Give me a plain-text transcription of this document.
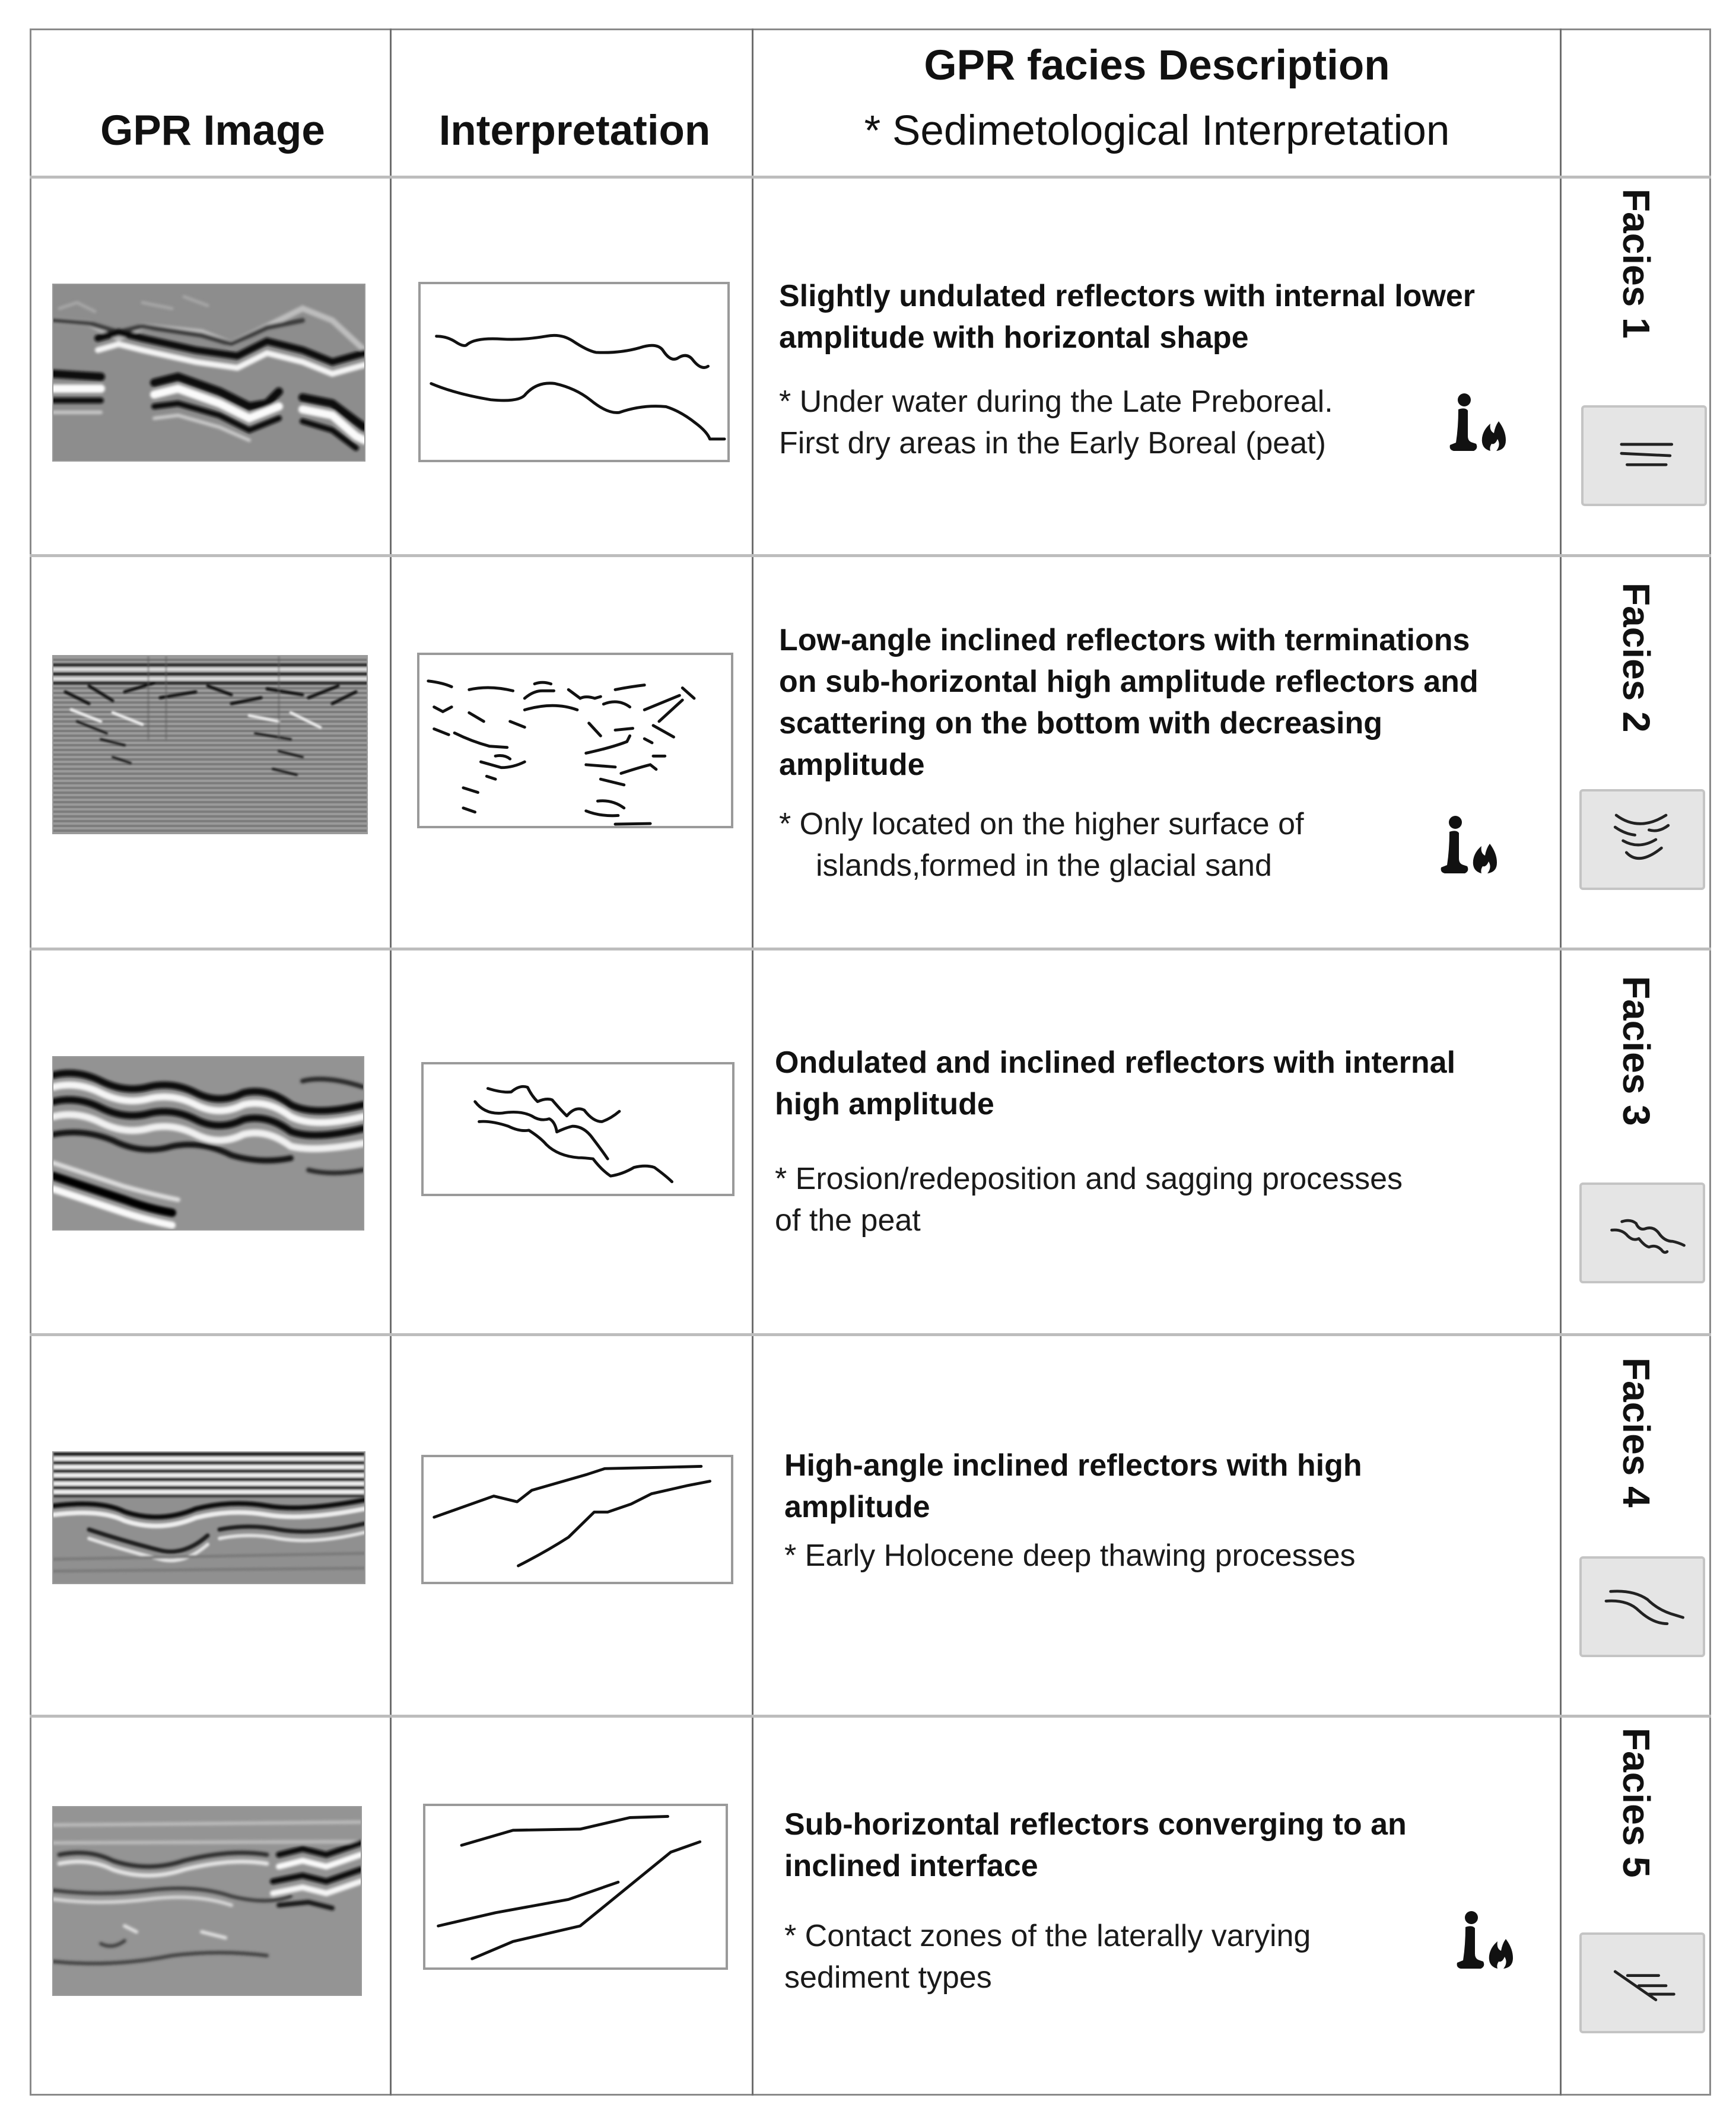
GPR Image	Interpretation
GPR facies Description
* Sedimetological Interpretation
Slightly undulated reflectors with internal lower
amplitude with horizontal shape
* Under water during the Late Preboreal.
First dry areas in the Early Boreal (peat)
Facies 1
Low-angle inclined reflectors with terminations
on sub-horizontal high amplitude reflectors and
scattering on the bottom with decreasing
amplitude
* Only located on the higher surface of
islands,formed in the glacial sand
Facies 2
Ondulated and inclined reflectors with internal
high amplitude
* Erosion/redeposition and sagging processes
of the peat
Facies 3
High-angle inclined reflectors with high
amplitude
* Early Holocene deep thawing processes
Facies 4
Sub-horizontal reflectors converging to an
inclined interface
* Contact zones of the laterally varying
sediment types
Facies 5
